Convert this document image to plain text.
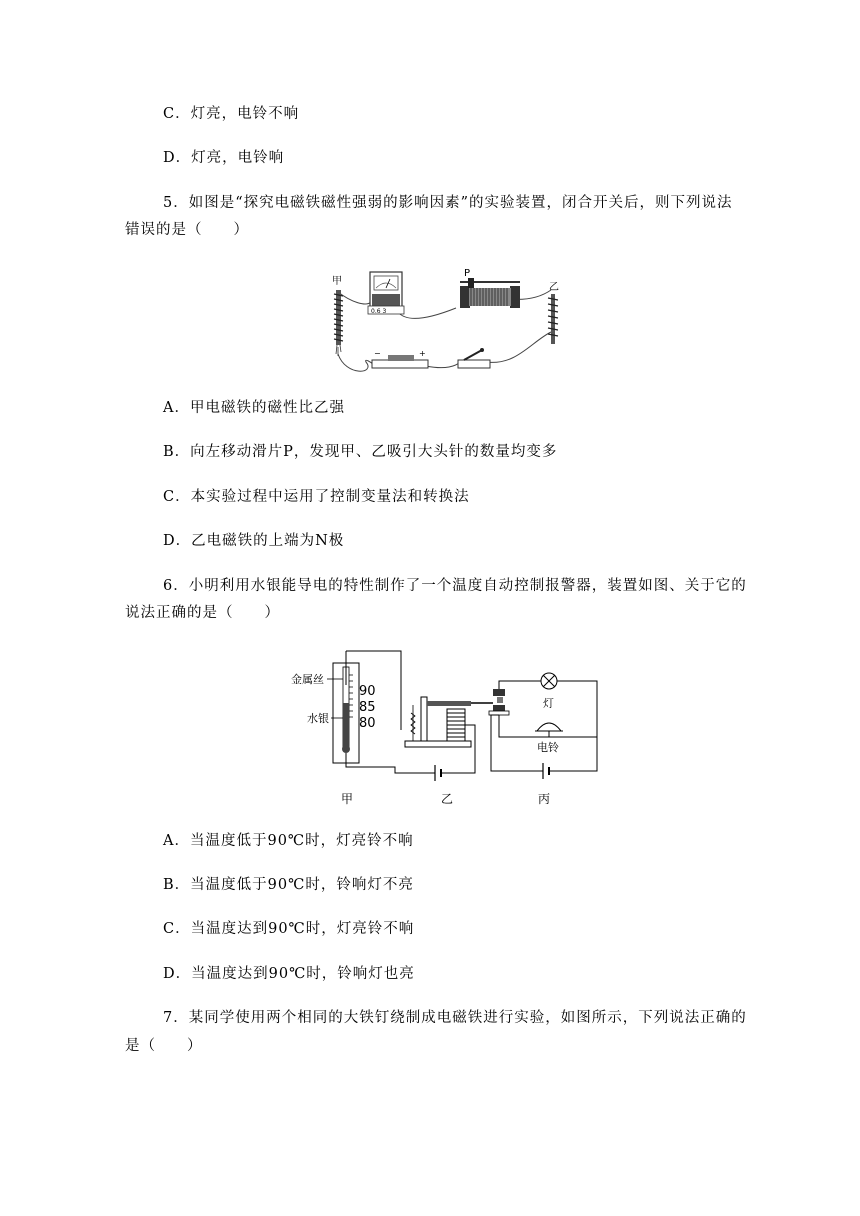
C．灯亮，电铃不响
D．灯亮，电铃响
5．如图是“探究电磁铁磁性强弱的影响因素”的实验装置，闭合开关后，则下列说法
错误的是（　　）
甲
0.6 3
P
乙
−	+
A．甲电磁铁的磁性比乙强
B．向左移动滑片P，发现甲、乙吸引大头针的数量均变多
C．本实验过程中运用了控制变量法和转换法
D．乙电磁铁的上端为N极
6．小明利用水银能导电的特性制作了一个温度自动控制报警器，装置如图、关于它的
说法正确的是（　　）
金属丝
水银
90
85
80
灯
电铃
甲	乙	丙
A．当温度低于90℃时，灯亮铃不响
B．当温度低于90℃时，铃响灯不亮
C．当温度达到90℃时，灯亮铃不响
D．当温度达到90℃时，铃响灯也亮
7．某同学使用两个相同的大铁钉绕制成电磁铁进行实验，如图所示，下列说法正确的
是（　　）
